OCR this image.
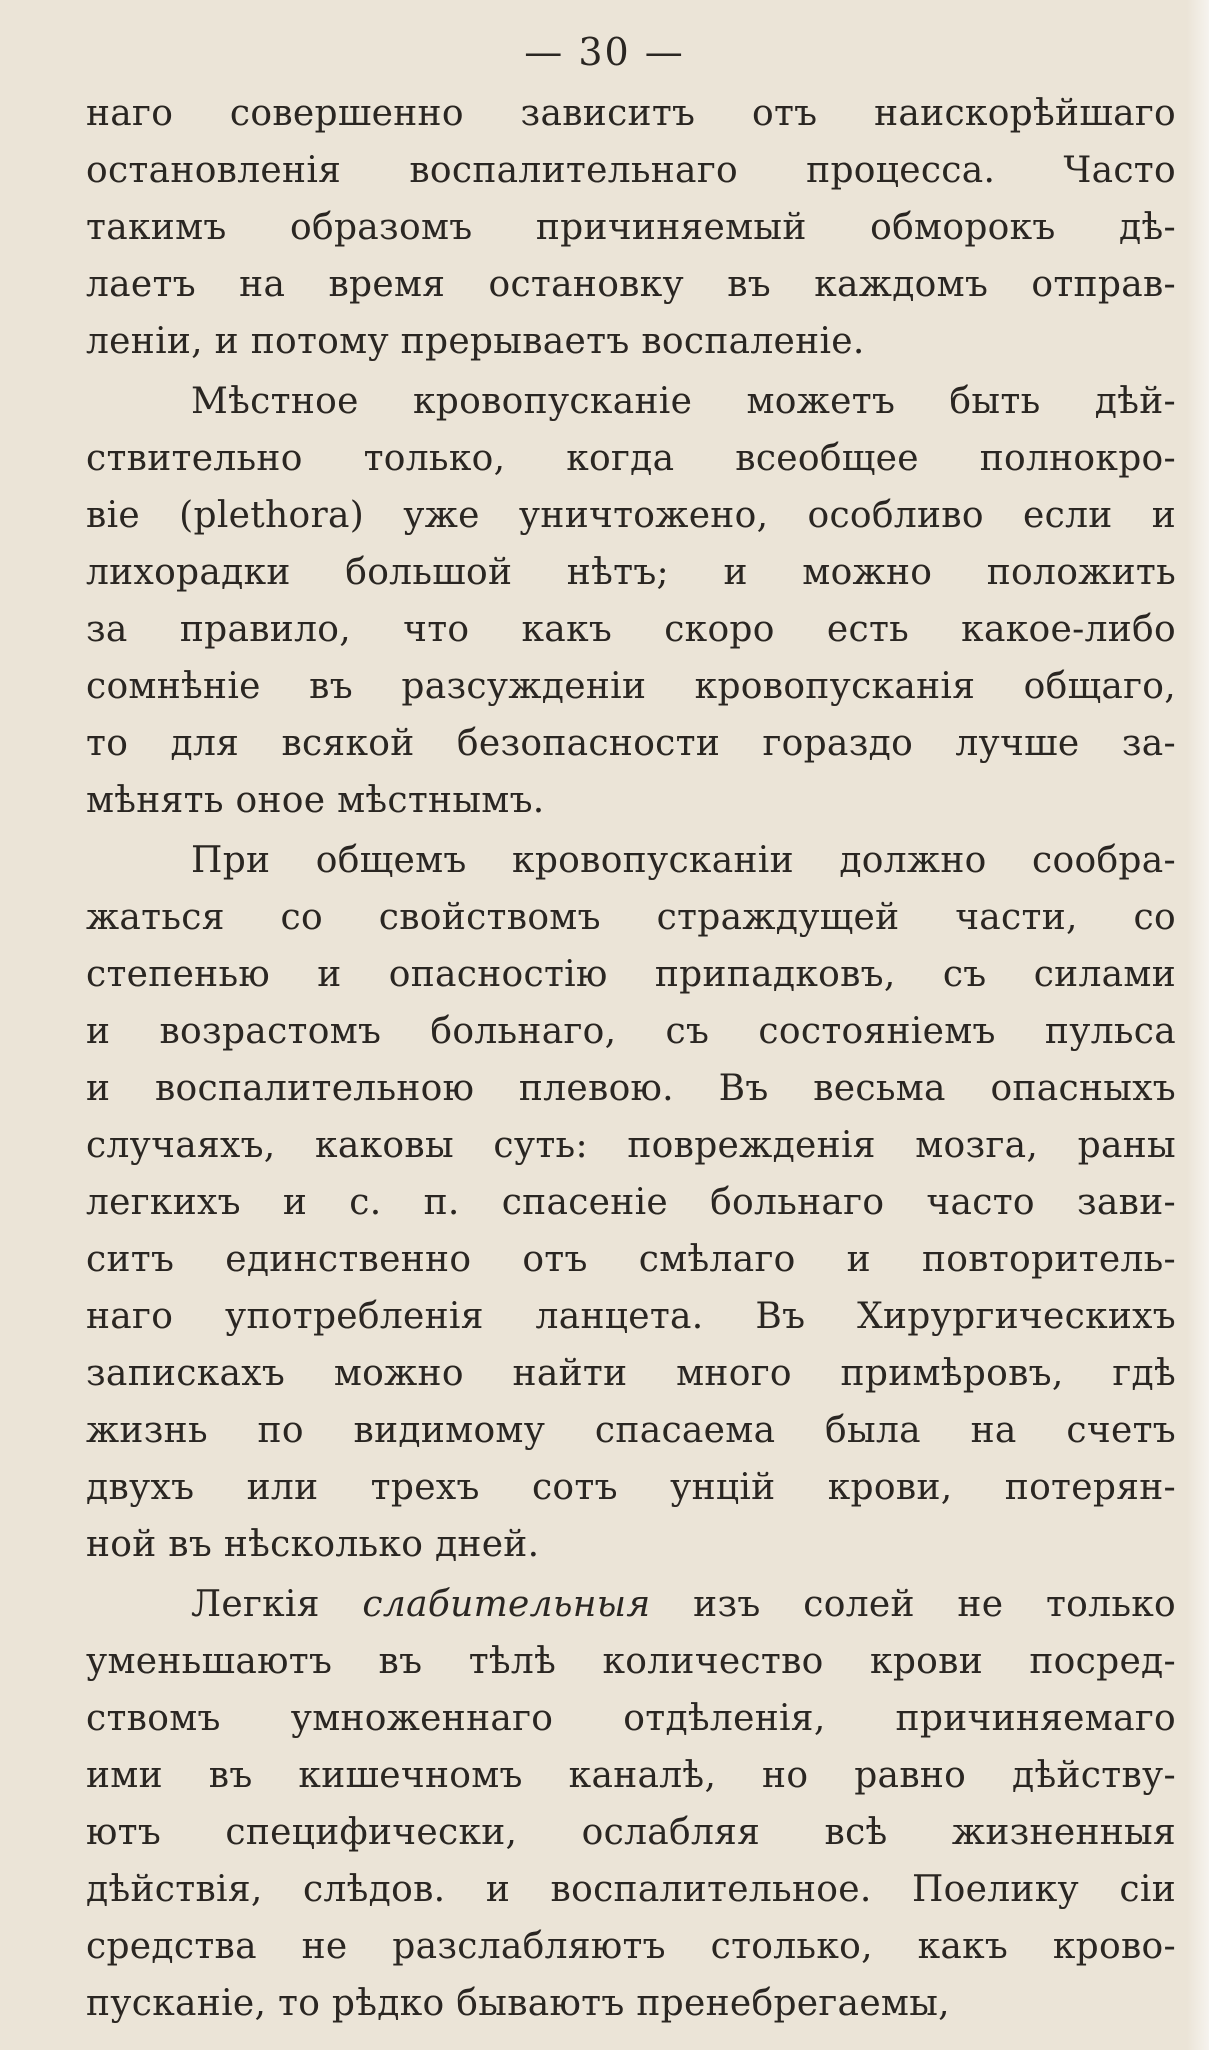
— 30 —
наго совершенно зависитъ отъ наискорѣйшаго
остановленія воспалительнаго процесса. Часто
такимъ образомъ причиняемый обморокъ дѣ-
лаетъ на время остановку въ каждомъ отправ-
леніи, и потому прерываетъ воспаленіе.
Мѣстное кровопусканіе можетъ быть дѣй-
ствительно только, когда всеобщее полнокро-
віе (plethora) уже уничтожено, особливо если и
лихорадки большой нѣтъ; и можно положить
за правило, что какъ скоро есть какое-либо
сомнѣніе въ разсужденіи кровопусканія общаго,
то для всякой безопасности гораздо лучше за-
мѣнять оное мѣстнымъ.
При общемъ кровопусканіи должно сообра-
жаться со свойствомъ страждущей части, со
степенью и опасностію припадковъ, съ силами
и возрастомъ больнаго, съ состояніемъ пульса
и воспалительною плевою. Въ весьма опасныхъ
случаяхъ, каковы суть: поврежденія мозга, раны
легкихъ и с. п. спасеніе больнаго часто зави-
ситъ единственно отъ смѣлаго и повторитель-
наго употребленія ланцета. Въ Хирургическихъ
запискахъ можно найти много примѣровъ, гдѣ
жизнь по видимому спасаема была на счетъ
двухъ или трехъ сотъ унцій крови, потерян-
ной въ нѣсколько дней.
Легкія слабительныя изъ солей не только
уменьшаютъ въ тѣлѣ количество крови посред-
ствомъ умноженнаго отдѣленія, причиняемаго
ими въ кишечномъ каналѣ, но равно дѣйству-
ютъ специфически, ослабляя всѣ жизненныя
дѣйствія, слѣдов. и воспалительное. Поелику сіи
средства не разслабляютъ столько, какъ крово-
пусканіе, то рѣдко бываютъ пренебрегаемы,
